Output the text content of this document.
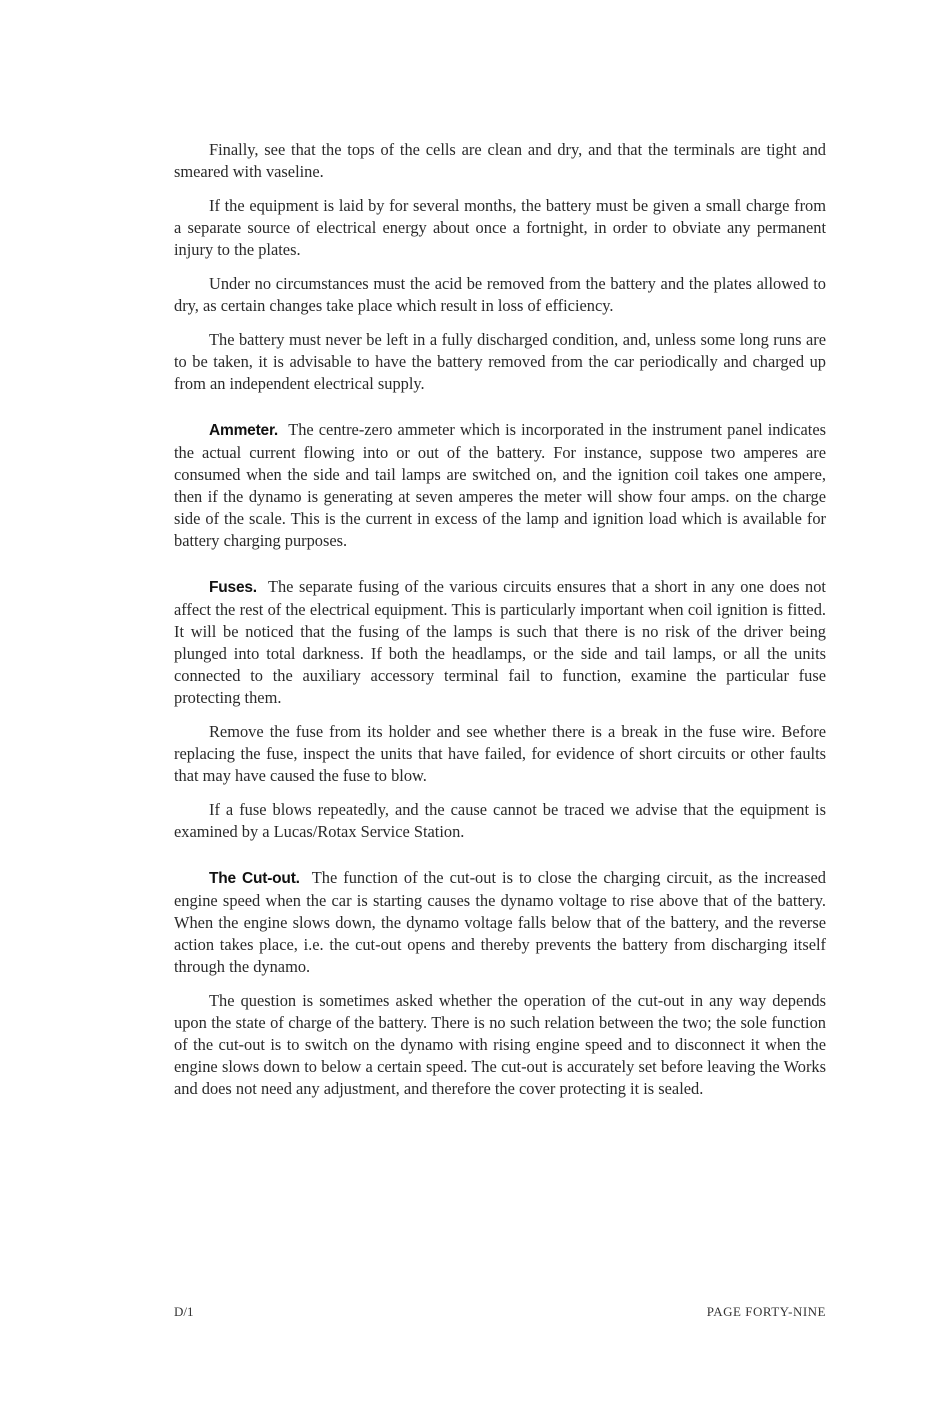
Finally, see that the tops of the cells are clean and dry, and that the terminals are tight and smeared with vaseline.

If the equipment is laid by for several months, the battery must be given a small charge from a separate source of electrical energy about once a fortnight, in order to obviate any permanent injury to the plates.

Under no circumstances must the acid be removed from the battery and the plates allowed to dry, as certain changes take place which result in loss of efficiency.

The battery must never be left in a fully discharged condition, and, unless some long runs are to be taken, it is advisable to have the battery removed from the car periodically and charged up from an independent electrical supply.

Ammeter. The centre-zero ammeter which is incorporated in the instrument panel indicates the actual current flowing into or out of the battery. For instance, suppose two amperes are consumed when the side and tail lamps are switched on, and the ignition coil takes one ampere, then if the dynamo is generating at seven amperes the meter will show four amps. on the charge side of the scale. This is the current in excess of the lamp and ignition load which is available for battery charging purposes.

Fuses. The separate fusing of the various circuits ensures that a short in any one does not affect the rest of the electrical equipment. This is particularly important when coil ignition is fitted. It will be noticed that the fusing of the lamps is such that there is no risk of the driver being plunged into total darkness. If both the headlamps, or the side and tail lamps, or all the units connected to the auxiliary accessory terminal fail to function, examine the particular fuse protecting them.

Remove the fuse from its holder and see whether there is a break in the fuse wire. Before replacing the fuse, inspect the units that have failed, for evidence of short circuits or other faults that may have caused the fuse to blow.

If a fuse blows repeatedly, and the cause cannot be traced we advise that the equipment is examined by a Lucas/Rotax Service Station.

The Cut-out. The function of the cut-out is to close the charging circuit, as the increased engine speed when the car is starting causes the dynamo voltage to rise above that of the battery. When the engine slows down, the dynamo voltage falls below that of the battery, and the reverse action takes place, i.e. the cut-out opens and thereby prevents the battery from discharging itself through the dynamo.

The question is sometimes asked whether the operation of the cut-out in any way depends upon the state of charge of the battery. There is no such relation between the two; the sole function of the cut-out is to switch on the dynamo with rising engine speed and to disconnect it when the engine slows down to below a certain speed. The cut-out is accurately set before leaving the Works and does not need any adjustment, and therefore the cover protecting it is sealed.

D/1	PAGE FORTY-NINE
